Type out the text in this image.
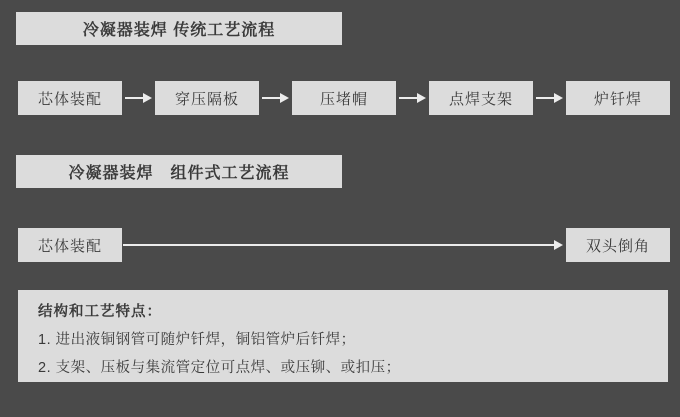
冷凝器装焊 传统工艺流程
芯体装配	穿压隔板	压堵帽	点焊支架	炉钎焊
冷凝器装焊　组件式工艺流程
芯体装配	双头倒角
结构和工艺特点：
1. 进出液铜钢管可随炉钎焊，铜铝管炉后钎焊；
2. 支架、压板与集流管定位可点焊、或压铆、或扣压；
